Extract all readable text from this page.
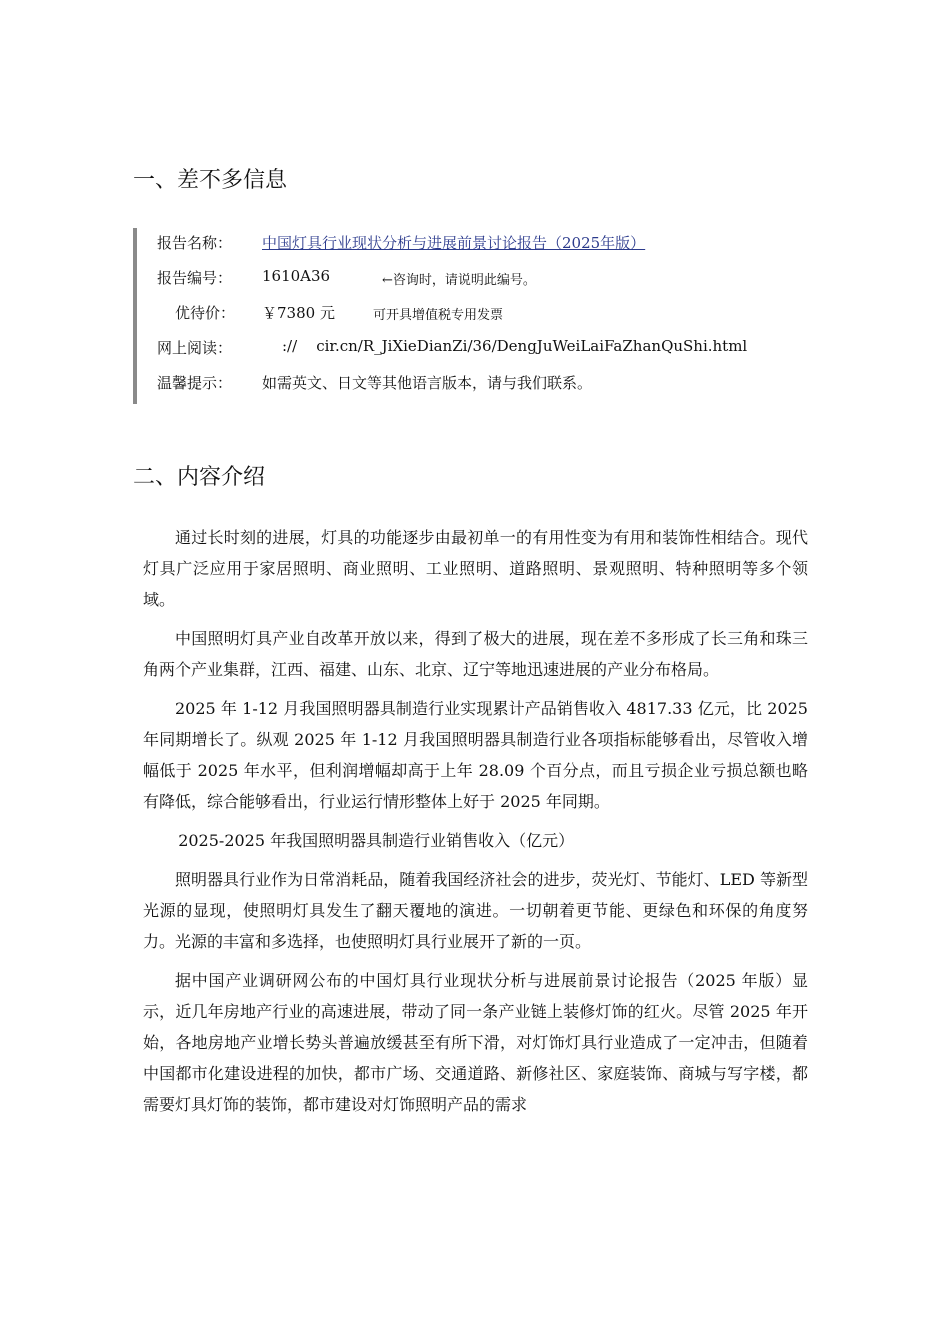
一、差不多信息
报告名称：	中国灯具行业现状分析与进展前景讨论报告（2025年版）
报告编号：	1610A36	←咨询时，请说明此编号。
优待价：	￥7380 元	可开具增值税专用发票
网上阅读：	://    cir.cn/R_JiXieDianZi/36/DengJuWeiLaiFaZhanQuShi.html
温馨提示：	如需英文、日文等其他语言版本，请与我们联系。
二、内容介绍

通过长时刻的进展，灯具的功能逐步由最初单一的有用性变为有用和装饰性相结合。现代灯具广泛应用于家居照明、商业照明、工业照明、道路照明、景观照明、特种照明等多个领域。

中国照明灯具产业自改革开放以来，得到了极大的进展，现在差不多形成了长三角和珠三角两个产业集群，江西、福建、山东、北京、辽宁等地迅速进展的产业分布格局。

2025 年 1-12 月我国照明器具制造行业实现累计产品销售收入 4817.33 亿元，比 2025 年同期增长了。纵观 2025 年 1-12 月我国照明器具制造行业各项指标能够看出，尽管收入增幅低于 2025 年水平，但利润增幅却高于上年 28.09 个百分点，而且亏损企业亏损总额也略有降低，综合能够看出，行业运行情形整体上好于 2025 年同期。

2025-2025 年我国照明器具制造行业销售收入（亿元）

照明器具行业作为日常消耗品，随着我国经济社会的进步，荧光灯、节能灯、LED 等新型光源的显现，使照明灯具发生了翻天覆地的演进。一切朝着更节能、更绿色和环保的角度努力。光源的丰富和多选择，也使照明灯具行业展开了新的一页。

据中国产业调研网公布的中国灯具行业现状分析与进展前景讨论报告（2025 年版）显示，近几年房地产行业的高速进展，带动了同一条产业链上装修灯饰的红火。尽管 2025 年开始，各地房地产业增长势头普遍放缓甚至有所下滑，对灯饰灯具行业造成了一定冲击，但随着中国都市化建设进程的加快，都市广场、交通道路、新修社区、家庭装饰、商城与写字楼，都需要灯具灯饰的装饰，都市建设对灯饰照明产品的需求
